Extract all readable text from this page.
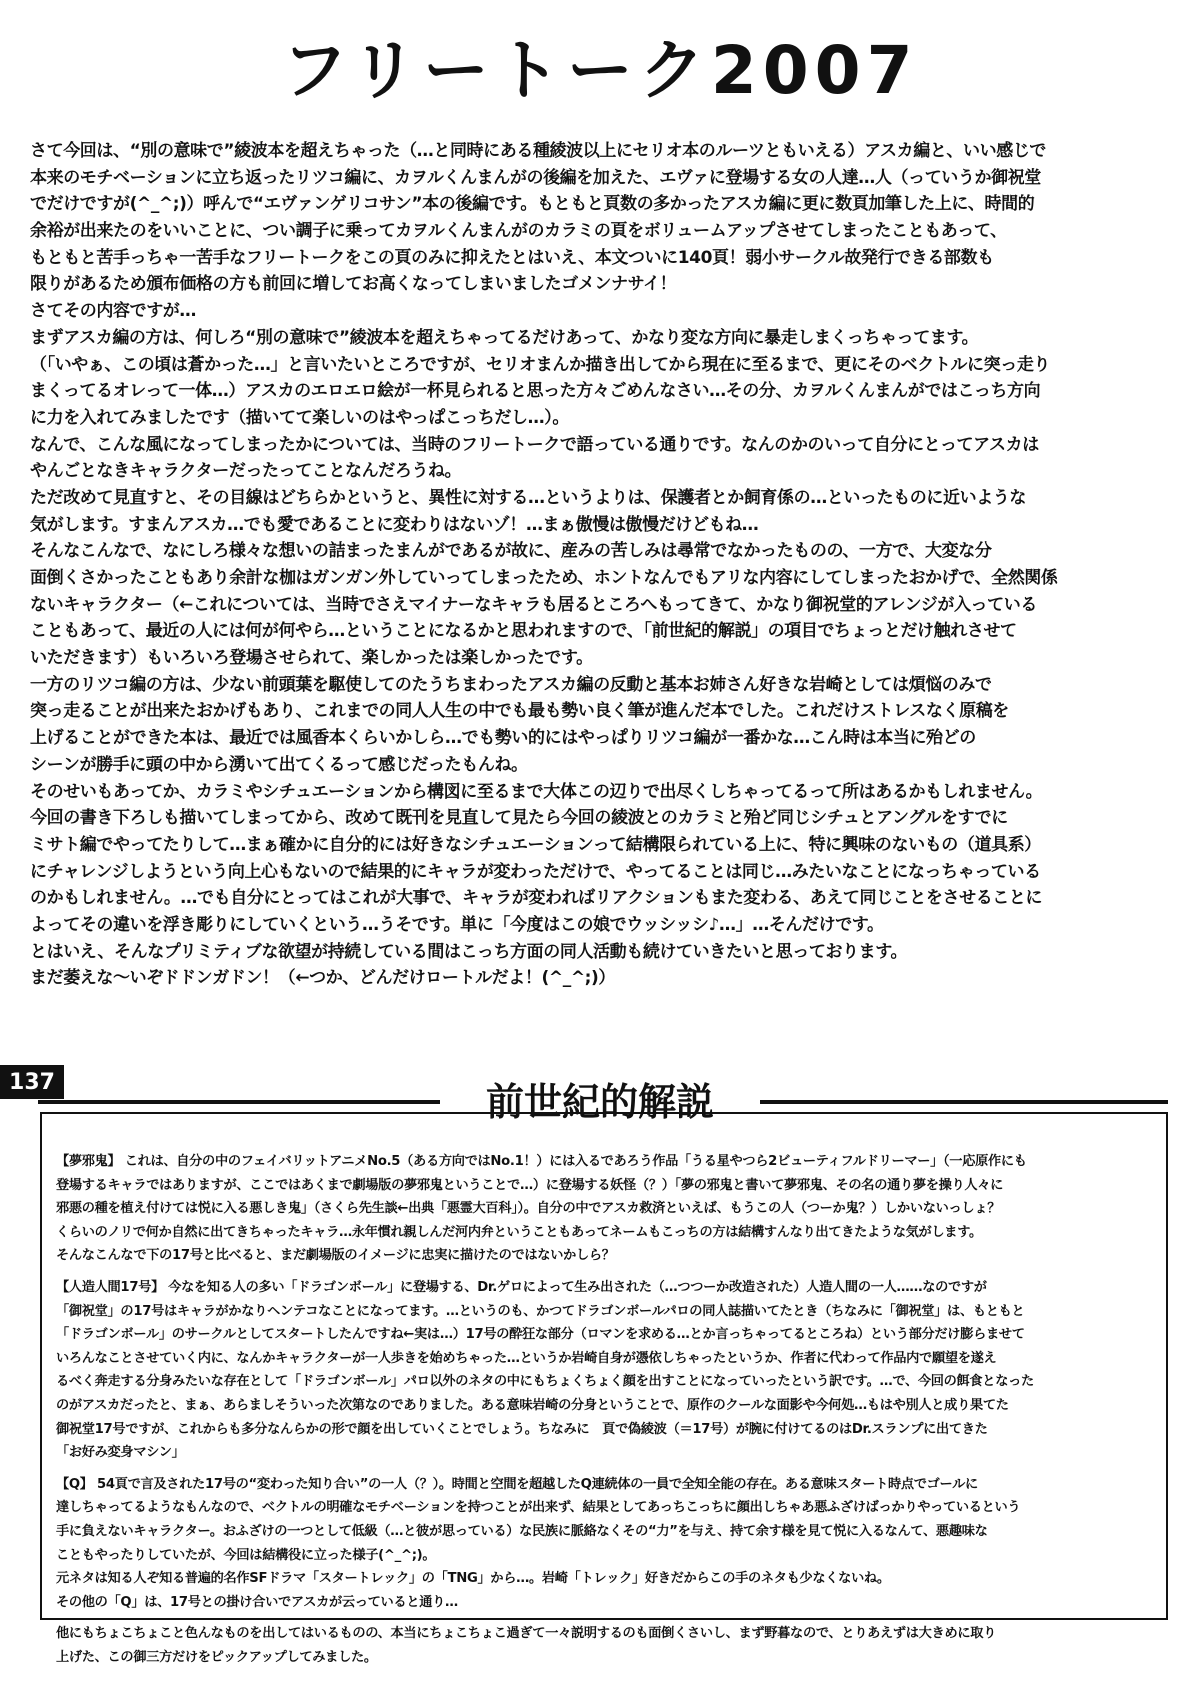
フリートーク2007
さて今回は、“別の意味で”綾波本を超えちゃった（…と同時にある種綾波以上にセリオ本のルーツともいえる）アスカ編と、いい感じで
本来のモチベーションに立ち返ったリツコ編に、カヲルくんまんがの後編を加えた、エヴァに登場する女の人達…人（っていうか御祝堂
でだけですが(^_^;)）呼んで“エヴァンゲリコサン”本の後編です。もともと頁数の多かったアスカ編に更に数頁加筆した上に、時間的
余裕が出来たのをいいことに、つい調子に乗ってカヲルくんまんがのカラミの頁をボリュームアップさせてしまったこともあって、
もともと苦手っちゃ一苦手なフリートークをこの頁のみに抑えたとはいえ、本文ついに140頁！弱小サークル故発行できる部数も
限りがあるため頒布価格の方も前回に増してお高くなってしまいましたゴメンナサイ！
さてその内容ですが…
まずアスカ編の方は、何しろ“別の意味で”綾波本を超えちゃってるだけあって、かなり変な方向に暴走しまくっちゃってます。
（「いやぁ、この頃は蒼かった…」と言いたいところですが、セリオまんか描き出してから現在に至るまで、更にそのベクトルに突っ走り
まくってるオレって一体…）アスカのエロエロ絵が一杯見られると思った方々ごめんなさい…その分、カヲルくんまんがではこっち方向
に力を入れてみましたです（描いてて楽しいのはやっぱこっちだし…）。
なんで、こんな風になってしまったかについては、当時のフリートークで語っている通りです。なんのかのいって自分にとってアスカは
やんごとなきキャラクターだったってことなんだろうね。
ただ改めて見直すと、その目線はどちらかというと、異性に対する…というよりは、保護者とか飼育係の…といったものに近いような
気がします。すまんアスカ…でも愛であることに変わりはないゾ！…まぁ傲慢は傲慢だけどもね…
そんなこんなで、なにしろ様々な想いの詰まったまんがであるが故に、産みの苦しみは尋常でなかったものの、一方で、大変な分
面倒くさかったこともあり余計な枷はガンガン外していってしまったため、ホントなんでもアリな内容にしてしまったおかげで、全然関係
ないキャラクター（←これについては、当時でさえマイナーなキャラも居るところへもってきて、かなり御祝堂的アレンジが入っている
こともあって、最近の人には何が何やら…ということになるかと思われますので、「前世紀的解説」の項目でちょっとだけ触れさせて
いただきます）もいろいろ登場させられて、楽しかったは楽しかったです。
一方のリツコ編の方は、少ない前頭葉を駆使してのたうちまわったアスカ編の反動と基本お姉さん好きな岩崎としては煩悩のみで
突っ走ることが出来たおかげもあり、これまでの同人人生の中でも最も勢い良く筆が進んだ本でした。これだけストレスなく原稿を
上げることができた本は、最近では風香本くらいかしら…でも勢い的にはやっぱりリツコ編が一番かな…こん時は本当に殆どの
シーンが勝手に頭の中から湧いて出てくるって感じだったもんね。
そのせいもあってか、カラミやシチュエーションから構図に至るまで大体この辺りで出尽くしちゃってるって所はあるかもしれません。
今回の書き下ろしも描いてしまってから、改めて既刊を見直して見たら今回の綾波とのカラミと殆ど同じシチュとアングルをすでに
ミサト編でやってたりして…まぁ確かに自分的には好きなシチュエーションって結構限られている上に、特に興味のないもの（道具系）
にチャレンジしようという向上心もないので結果的にキャラが変わっただけで、やってることは同じ…みたいなことになっちゃっている
のかもしれません。…でも自分にとってはこれが大事で、キャラが変わればリアクションもまた変わる、あえて同じことをさせることに
よってその違いを浮き彫りにしていくという…うそです。単に「今度はこの娘でウッシッシ♪…」…そんだけです。
とはいえ、そんなプリミティブな欲望が持続している間はこっち方面の同人活動も続けていきたいと思っております。
まだ萎えな〜いぞドドンガドン！（←つか、どんだけロートルだよ！(^_^;)）
137	前世紀的解説
【夢邪鬼】 これは、自分の中のフェイバリットアニメNo.5（ある方向ではNo.1！）には入るであろう作品「うる星やつら2ビューティフルドリーマー」（一応原作にも
登場するキャラではありますが、ここではあくまで劇場版の夢邪鬼ということで…）に登場する妖怪（？）「夢の邪鬼と書いて夢邪鬼、その名の通り夢を操り人々に
邪悪の種を植え付けては悦に入る悪しき鬼」（さくら先生談←出典「悪霊大百科」）。自分の中でアスカ救済といえば、もうこの人（つーか鬼？）しかいないっしょ？
くらいのノリで何か自然に出てきちゃったキャラ…永年慣れ親しんだ河内弁ということもあってネームもこっちの方は結構すんなり出てきたような気がします。
そんなこんなで下の17号と比べると、まだ劇場版のイメージに忠実に描けたのではないかしら？
【人造人間17号】 今なを知る人の多い「ドラゴンボール」に登場する、Dr.ゲロによって生み出された（…つつーか改造された）人造人間の一人……なのですが
「御祝堂」の17号はキャラがかなりヘンテコなことになってます。…というのも、かつてドラゴンボールパロの同人誌描いてたとき（ちなみに「御祝堂」は、もともと
「ドラゴンボール」のサークルとしてスタートしたんですね←実は…）17号の酔狂な部分（ロマンを求める…とか言っちゃってるところね）という部分だけ膨らませて
いろんなことさせていく内に、なんかキャラクターが一人歩きを始めちゃった…というか岩崎自身が憑依しちゃったというか、作者に代わって作品内で願望を遂え
るべく奔走する分身みたいな存在として「ドラゴンボール」パロ以外のネタの中にもちょくちょく顔を出すことになっていったという訳です。…で、今回の餌食となった
のがアスカだったと、まぁ、あらましそういった次第なのでありました。ある意味岩崎の分身ということで、原作のクールな面影や今何処…もはや別人と成り果てた
御祝堂17号ですが、これからも多分なんらかの形で顔を出していくことでしょう。ちなみに　頁で偽綾波（＝17号）が腕に付けてるのはDr.スランプに出てきた
「お好み変身マシン」
【Q】 54頁で言及された17号の“変わった知り合い”の一人（？）。時間と空間を超越したQ連続体の一員で全知全能の存在。ある意味スタート時点でゴールに
達しちゃってるようなもんなので、ベクトルの明確なモチベーションを持つことが出来ず、結果としてあっちこっちに顔出しちゃあ悪ふざけばっかりやっているという
手に負えないキャラクター。おふざけの一つとして低級（…と彼が思っている）な民族に脈絡なくその“力”を与え、持て余す様を見て悦に入るなんて、悪趣味な
こともやったりしていたが、今回は結構役に立った様子(^_^;)。
元ネタは知る人ぞ知る普遍的名作SFドラマ「スタートレック」の「TNG」から…。岩崎「トレック」好きだからこの手のネタも少なくないね。
その他の「Q」は、17号との掛け合いでアスカが云っていると通り…
他にもちょこちょこと色んなものを出してはいるものの、本当にちょこちょこ過ぎて一々説明するのも面倒くさいし、まず野暮なので、とりあえずは大きめに取り
上げた、この御三方だけをピックアップしてみました。
